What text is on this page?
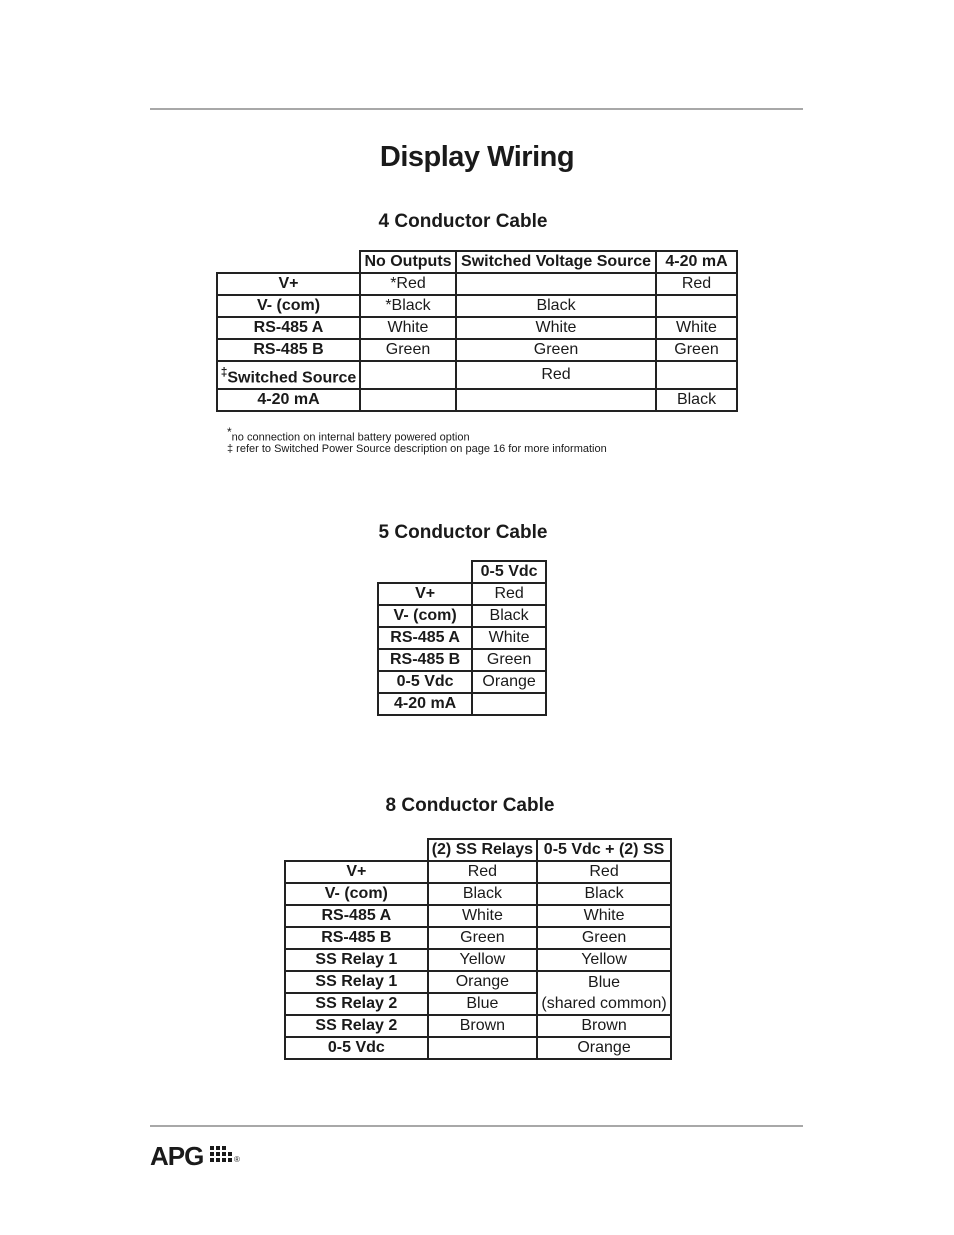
Display Wiring
4 Conductor Cable
	No Outputs	Switched Voltage Source	4-20 mA
V+	*Red		Red
V- (com)	*Black	Black	
RS-485 A	White	White	White
RS-485 B	Green	Green	Green
‡Switched Source		Red	
4-20 mA			Black

*no connection on internal battery powered option

‡ refer to Switched Power Source description on page 16 for more information

5 Conductor Cable
	0-5 Vdc
V+	Red
V- (com)	Black
RS-485 A	White
RS-485 B	Green
0-5 Vdc	Orange
4-20 mA	
8 Conductor Cable
	(2) SS Relays	0-5 Vdc + (2) SS
V+	Red	Red
V- (com)	Black	Black
RS-485 A	White	White
RS-485 B	Green	Green
SS Relay 1	Yellow	Yellow
SS Relay 1	Orange	Blue
SS Relay 2	Blue	(shared common)
SS Relay 2	Brown	Brown
0-5 Vdc		Orange
APG	®
